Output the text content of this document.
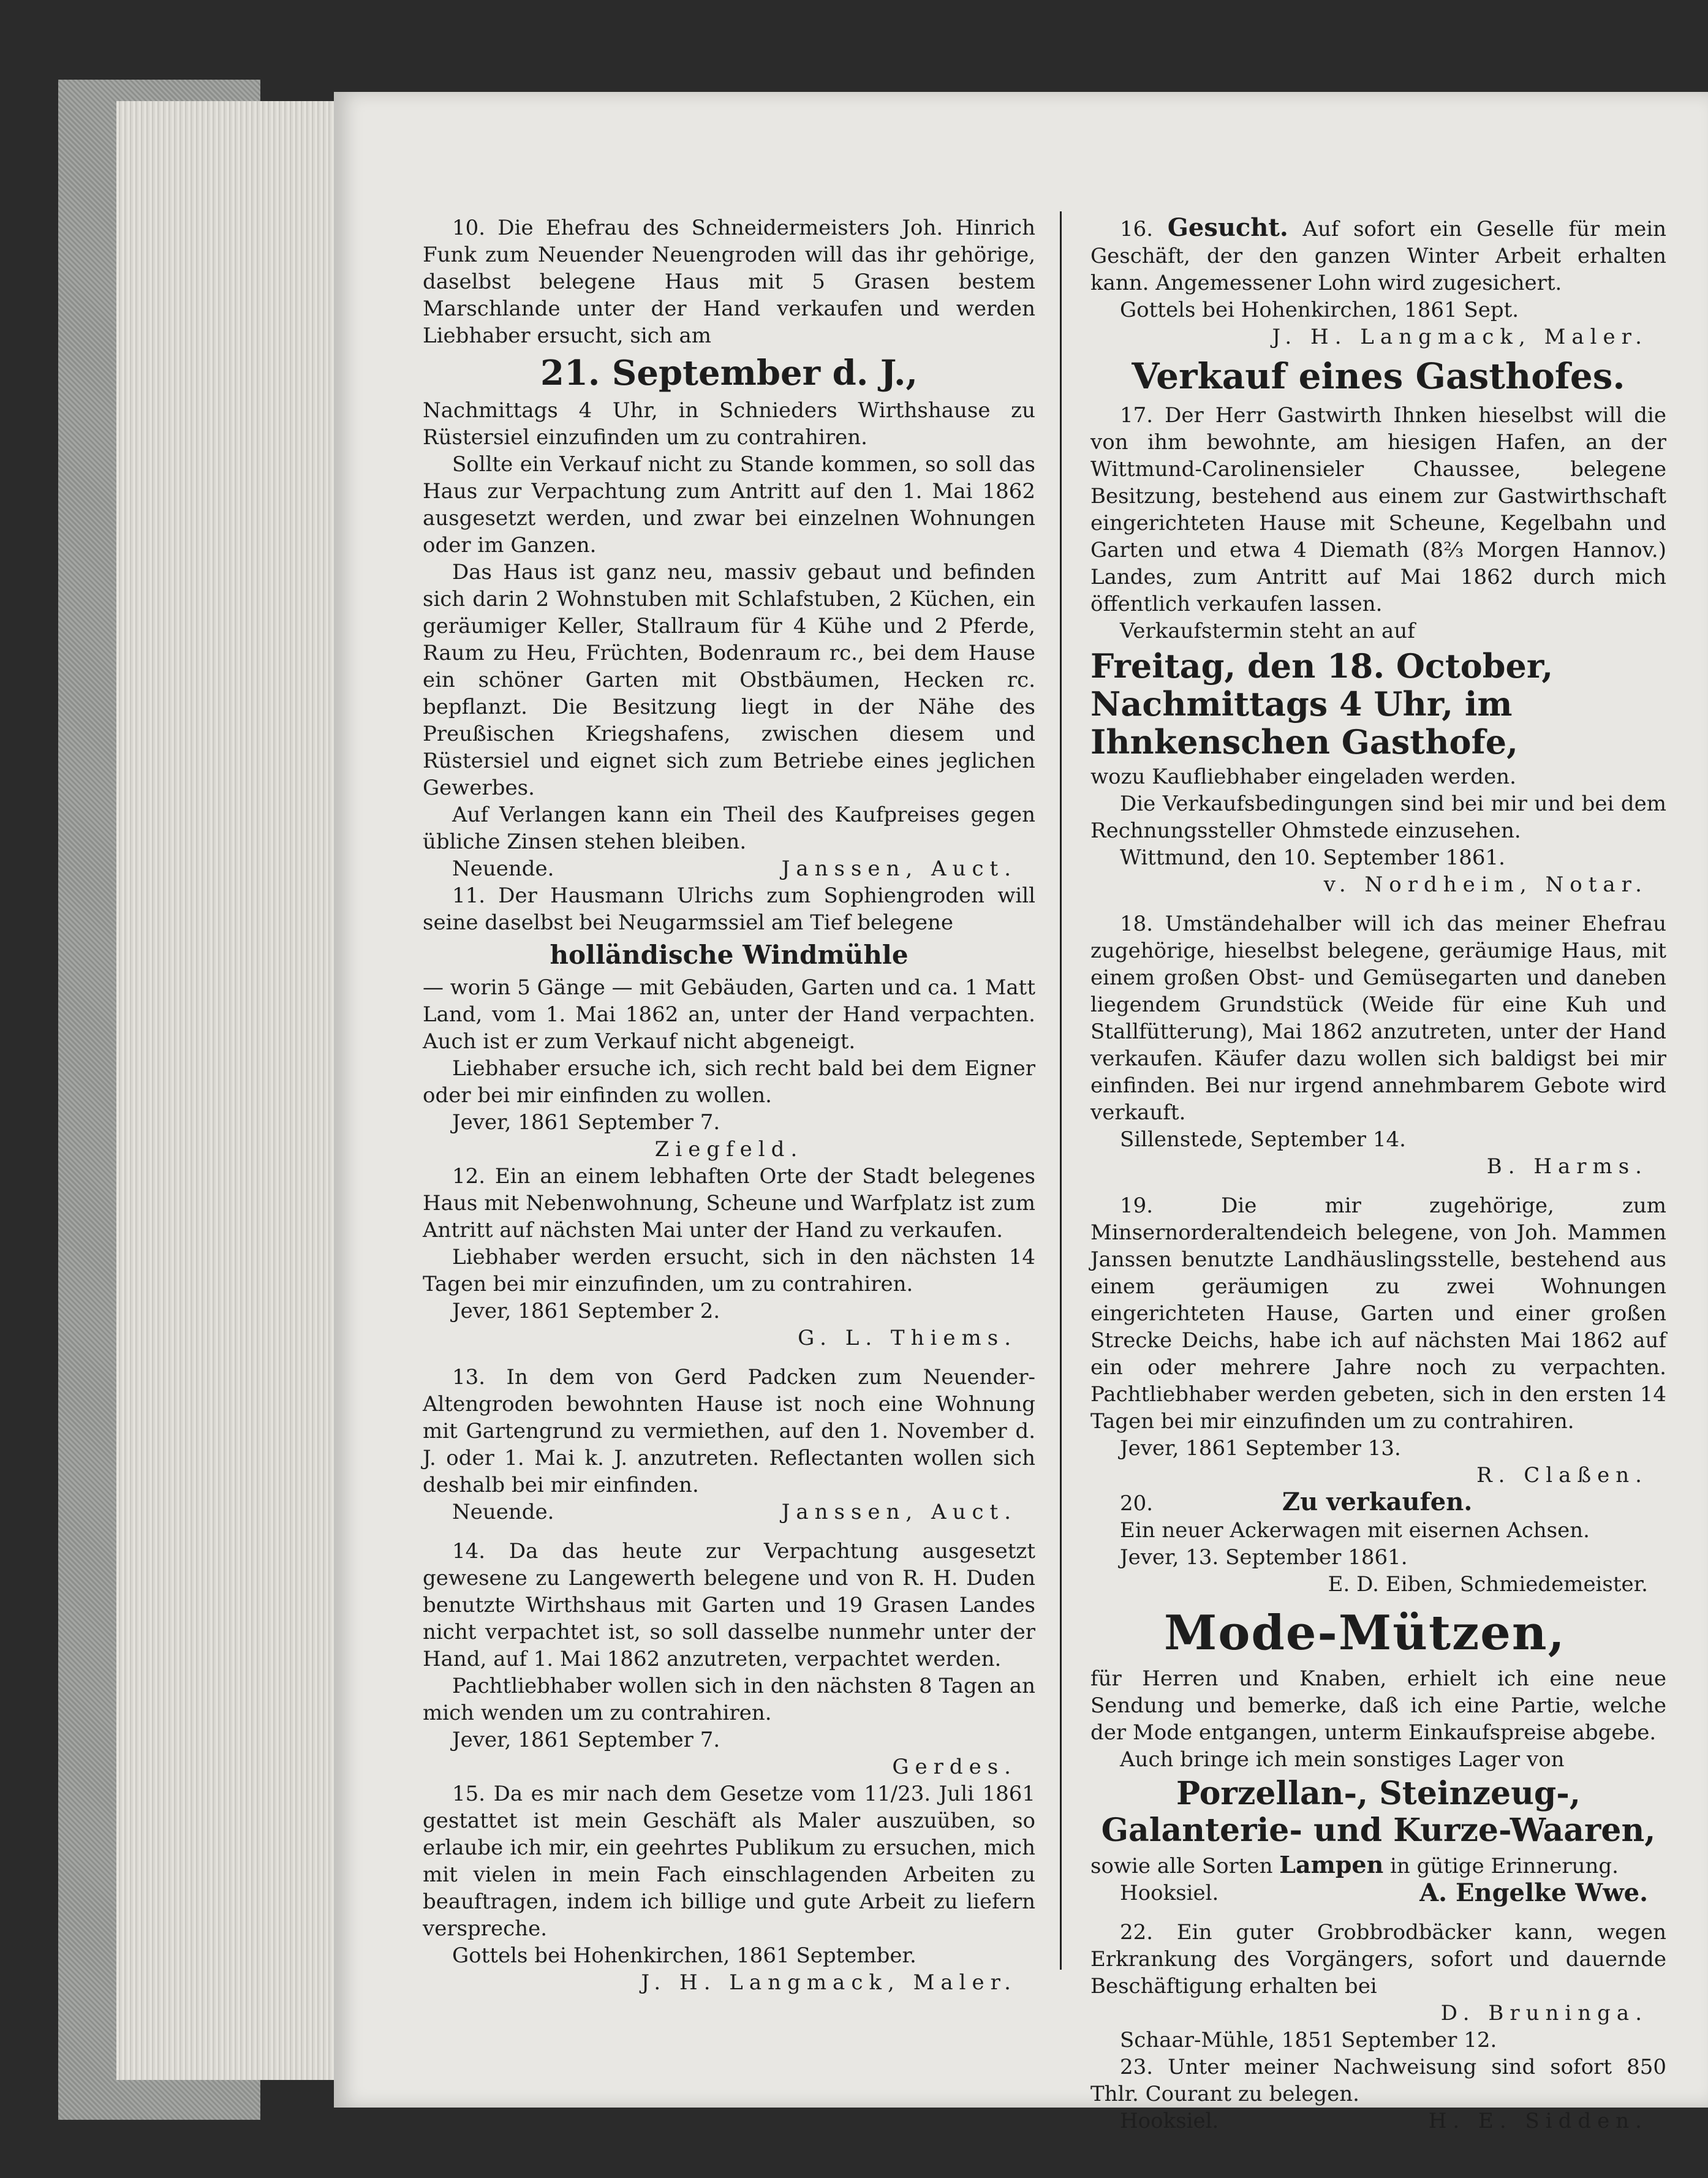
10. Die Ehefrau des Schneidermeisters Joh. Hinrich Funk zum Neuender Neuengroden will das ihr gehörige, daselbst belegene Haus mit 5 Grasen bestem Marschlande unter der Hand verkaufen und werden Liebhaber ersucht, sich am

21. September d. J.,

Nachmittags 4 Uhr, in Schnieders Wirthshause zu Rüstersiel einzufinden um zu contrahiren.

Sollte ein Verkauf nicht zu Stande kommen, so soll das Haus zur Verpachtung zum Antritt auf den 1. Mai 1862 ausgesetzt werden, und zwar bei einzelnen Wohnungen oder im Ganzen.

Das Haus ist ganz neu, massiv gebaut und befinden sich darin 2 Wohnstuben mit Schlafstuben, 2 Küchen, ein geräumiger Keller, Stallraum für 4 Kühe und 2 Pferde, Raum zu Heu, Früchten, Bodenraum rc., bei dem Hause ein schöner Garten mit Obstbäumen, Hecken rc. bepflanzt. Die Besitzung liegt in der Nähe des Preußischen Kriegshafens, zwischen diesem und Rüstersiel und eignet sich zum Betriebe eines jeglichen Gewerbes.

Auf Verlangen kann ein Theil des Kaufpreises gegen übliche Zinsen stehen bleiben.

Neuende.	Janssen, Auct.

11. Der Hausmann Ulrichs zum Sophiengroden will seine daselbst bei Neugarmssiel am Tief belegene

holländische Windmühle

— worin 5 Gänge — mit Gebäuden, Garten und ca. 1 Matt Land, vom 1. Mai 1862 an, unter der Hand verpachten. Auch ist er zum Verkauf nicht abgeneigt.

Liebhaber ersuche ich, sich recht bald bei dem Eigner oder bei mir einfinden zu wollen.

Jever, 1861 September 7.

Ziegfeld.

12. Ein an einem lebhaften Orte der Stadt belegenes Haus mit Nebenwohnung, Scheune und Warfplatz ist zum Antritt auf nächsten Mai unter der Hand zu verkaufen.

Liebhaber werden ersucht, sich in den nächsten 14 Tagen bei mir einzufinden, um zu contrahiren.

Jever, 1861 September 2.

G. L. Thiems.

13. In dem von Gerd Padcken zum Neuender-Altengroden bewohnten Hause ist noch eine Wohnung mit Gartengrund zu vermiethen, auf den 1. November d. J. oder 1. Mai k. J. anzutreten. Reflectanten wollen sich deshalb bei mir einfinden.

Neuende.	Janssen, Auct.

14. Da das heute zur Verpachtung ausgesetzt gewesene zu Langewerth belegene und von R. H. Duden benutzte Wirthshaus mit Garten und 19 Grasen Landes nicht verpachtet ist, so soll dasselbe nunmehr unter der Hand, auf 1. Mai 1862 anzutreten, verpachtet werden.

Pachtliebhaber wollen sich in den nächsten 8 Tagen an mich wenden um zu contrahiren.

Jever, 1861 September 7.

Gerdes.

15. Da es mir nach dem Gesetze vom 11/23. Juli 1861 gestattet ist mein Geschäft als Maler auszuüben, so erlaube ich mir, ein geehrtes Publikum zu ersuchen, mich mit vielen in mein Fach einschlagenden Arbeiten zu beauftragen, indem ich billige und gute Arbeit zu liefern verspreche.

Gottels bei Hohenkirchen, 1861 September.

J. H. Langmack, Maler.

16. Gesucht. Auf sofort ein Geselle für mein Geschäft, der den ganzen Winter Arbeit erhalten kann. Angemessener Lohn wird zugesichert.

Gottels bei Hohenkirchen, 1861 Sept.

J. H. Langmack, Maler.

Verkauf eines Gasthofes.

17. Der Herr Gastwirth Ihnken hieselbst will die von ihm bewohnte, am hiesigen Hafen, an der Wittmund-Carolinensieler Chaussee, belegene Besitzung, bestehend aus einem zur Gastwirthschaft eingerichteten Hause mit Scheune, Kegelbahn und Garten und etwa 4 Diemath (8⅔ Morgen Hannov.) Landes, zum Antritt auf Mai 1862 durch mich öffentlich verkaufen lassen.

Verkaufstermin steht an auf

Freitag, den 18. October, Nachmittags 4 Uhr, im Ihnkenschen Gasthofe,

wozu Kaufliebhaber eingeladen werden.

Die Verkaufsbedingungen sind bei mir und bei dem Rechnungssteller Ohmstede einzusehen.

Wittmund, den 10. September 1861.

v. Nordheim, Notar.

18. Umständehalber will ich das meiner Ehefrau zugehörige, hieselbst belegene, geräumige Haus, mit einem großen Obst- und Gemüsegarten und daneben liegendem Grundstück (Weide für eine Kuh und Stallfütterung), Mai 1862 anzutreten, unter der Hand verkaufen. Käufer dazu wollen sich baldigst bei mir einfinden. Bei nur irgend annehmbarem Gebote wird verkauft.

Sillenstede, September 14.

B. Harms.

19. Die mir zugehörige, zum Minsernorderaltendeich belegene, von Joh. Mammen Janssen benutzte Landhäuslingsstelle, bestehend aus einem geräumigen zu zwei Wohnungen eingerichteten Hause, Garten und einer großen Strecke Deichs, habe ich auf nächsten Mai 1862 auf ein oder mehrere Jahre noch zu verpachten. Pachtliebhaber werden gebeten, sich in den ersten 14 Tagen bei mir einzufinden um zu contrahiren.

Jever, 1861 September 13.

R. Claßen.

20.	Zu verkaufen.

Ein neuer Ackerwagen mit eisernen Achsen.

Jever, 13. September 1861.

E. D. Eiben, Schmiedemeister.

Mode-Mützen,

für Herren und Knaben, erhielt ich eine neue Sendung und bemerke, daß ich eine Partie, welche der Mode entgangen, unterm Einkaufspreise abgebe.

Auch bringe ich mein sonstiges Lager von

Porzellan-, Steinzeug-, Galanterie- und Kurze-Waaren,

sowie alle Sorten Lampen in gütige Erinnerung.

Hooksiel.	A. Engelke Wwe.

22. Ein guter Grobbrodbäcker kann, wegen Erkrankung des Vorgängers, sofort und dauernde Beschäftigung erhalten bei

D. Bruninga.

Schaar-Mühle, 1851 September 12.

23. Unter meiner Nachweisung sind sofort 850 Thlr. Courant zu belegen.

Hooksiel.	H. E. Sidden.
